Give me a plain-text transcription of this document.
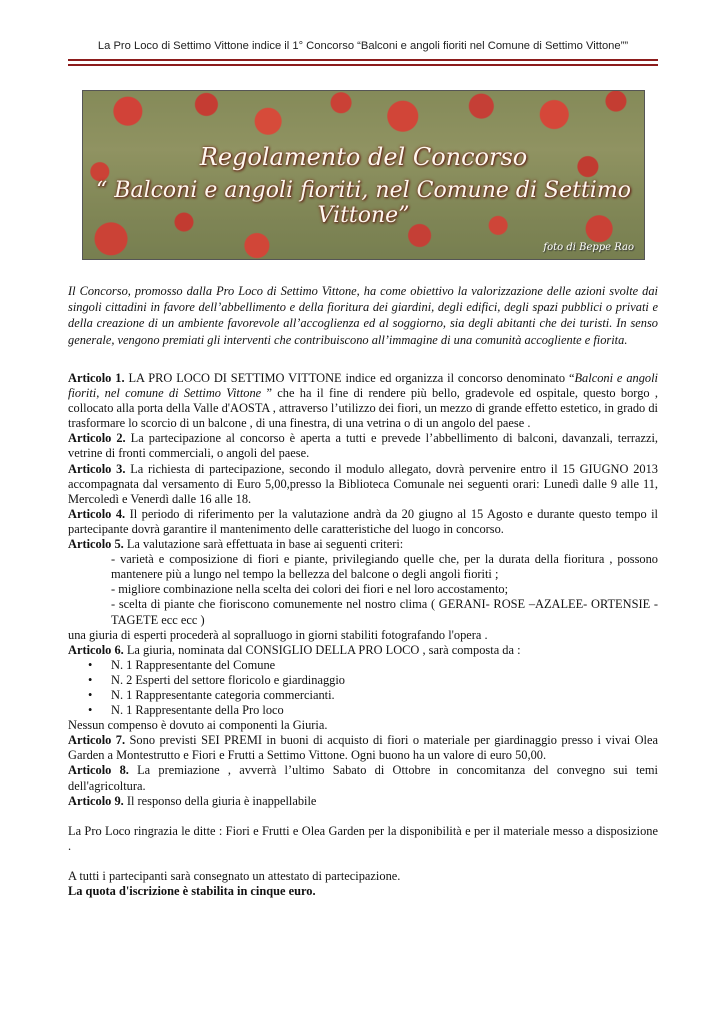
La Pro Loco di Settimo Vittone indice il 1° Concorso “Balconi e angoli fioriti nel Comune di Settimo Vittone””
Regolamento del Concorso
“ Balconi e angoli fioriti, nel Comune di Settimo Vittone”
foto di Beppe Rao
Il Concorso, promosso dalla Pro Loco di Settimo Vittone, ha come obiettivo la valorizzazione delle azioni svolte dai singoli cittadini in favore dell’abbellimento e della fioritura dei giardini, degli edifici, degli spazi pubblici o privati e della creazione di un ambiente favorevole all’accoglienza ed al soggiorno, sia degli abitanti che dei turisti. In senso generale, vengono premiati gli interventi che contribuiscono all’immagine di una comunità accogliente e fiorita.

Articolo 1. LA PRO LOCO DI SETTIMO VITTONE indice ed organizza il concorso denominato “Balconi e angoli fioriti, nel comune di Settimo Vittone ” che ha il fine di rendere più bello, gradevole ed ospitale, questo borgo , collocato alla porta della Valle d'AOSTA , attraverso l’utilizzo dei fiori, un mezzo di grande effetto estetico, in grado di trasformare lo scorcio di un balcone , di una finestra, di una vetrina o di un angolo del paese .

Articolo 2. La partecipazione al concorso è aperta a tutti e prevede l’abbellimento di balconi, davanzali, terrazzi, vetrine di fronti commerciali, o angoli del paese.

Articolo 3. La richiesta di partecipazione, secondo il modulo allegato, dovrà pervenire entro il 15 GIUGNO 2013 accompagnata dal versamento di Euro 5,00,presso la Biblioteca Comunale nei seguenti orari: Lunedì dalle 9 alle 11, Mercoledì e Venerdì dalle 16 alle 18.

Articolo 4. Il periodo di riferimento per la valutazione andrà da 20 giugno al 15 Agosto e durante questo tempo il partecipante dovrà garantire il mantenimento delle caratteristiche del luogo in concorso.

Articolo 5. La valutazione sarà effettuata in base ai seguenti criteri:

- varietà e composizione di fiori e piante, privilegiando quelle che, per la durata della fioritura , possono mantenere più a lungo nel tempo la bellezza del balcone o degli angoli fioriti ;

- migliore combinazione nella scelta dei colori dei fiori e nel loro accostamento;

- scelta di piante che fioriscono comunemente nel nostro clima ( GERANI- ROSE –AZALEE- ORTENSIE - TAGETE ecc ecc )

una giuria di esperti procederà al sopralluogo in giorni stabiliti fotografando l'opera .

Articolo 6. La giuria, nominata dal CONSIGLIO DELLA PRO LOCO , sarà composta da :

• N. 1 Rappresentante del Comune
• N. 2 Esperti del settore floricolo e giardinaggio
• N. 1 Rappresentante categoria commercianti.
• N. 1 Rappresentante della Pro loco

Nessun compenso è dovuto ai componenti la Giuria.

Articolo 7. Sono previsti SEI PREMI in buoni di acquisto di fiori o materiale per giardinaggio presso i vivai Olea Garden a Montestrutto e Fiori e Frutti a Settimo Vittone. Ogni buono ha un valore di euro 50,00.

Articolo 8. La premiazione , avverrà l’ultimo Sabato di Ottobre in concomitanza del convegno sui temi dell'agricoltura.

Articolo 9. Il responso della giuria è inappellabile

La Pro Loco ringrazia le ditte : Fiori e Frutti e Olea Garden per la disponibilità e per il materiale messo a disposizione .

A tutti i partecipanti sarà consegnato un attestato di partecipazione.

La quota d'iscrizione è stabilita in cinque euro.
